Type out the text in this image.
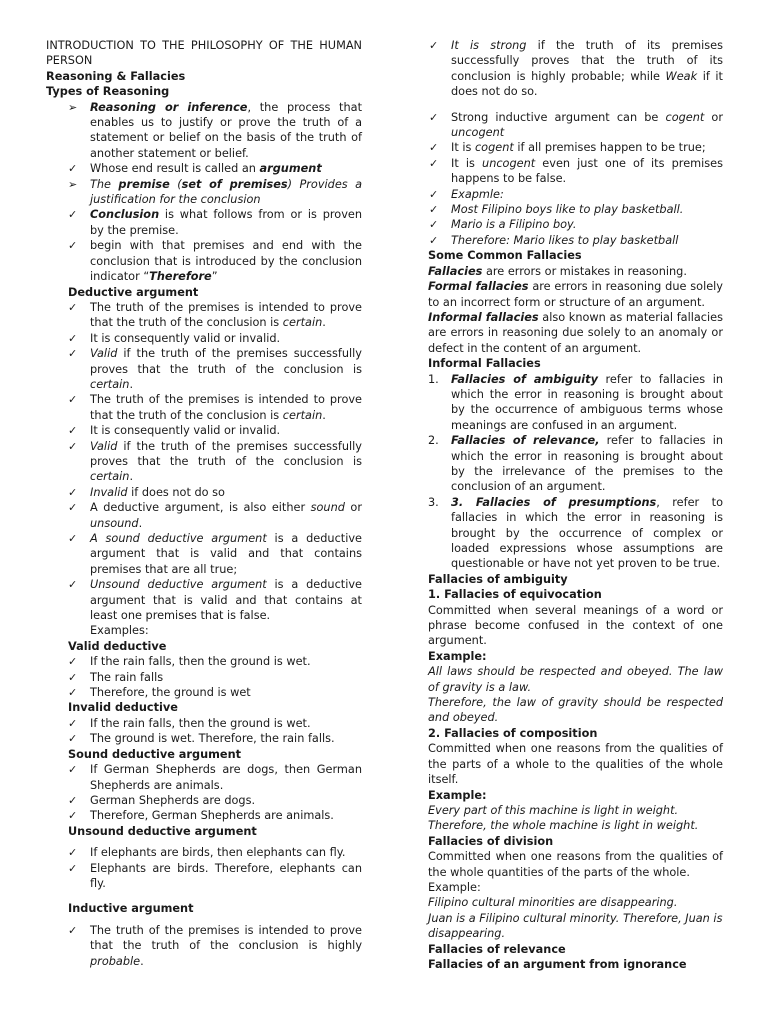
INTRODUCTION TO THE PHILOSOPHY OF THE HUMAN PERSON

Reasoning & Fallacies

Types of Reasoning

➢	Reasoning or inference, the process that enables us to justify or prove the truth of a statement or belief on the basis of the truth of another statement or belief.
✓	Whose end result is called an argument
➢	The premise (set of premises) Provides a justification for the conclusion
✓	Conclusion is what follows from or is proven by the premise.
✓	begin with that premises and end with the conclusion that is introduced by the conclusion indicator “Therefore”

Deductive argument

✓	The truth of the premises is intended to prove that the truth of the conclusion is certain.
✓	It is consequently valid or invalid.
✓	Valid if the truth of the premises successfully proves that the truth of the conclusion is certain.
✓	The truth of the premises is intended to prove that the truth of the conclusion is certain.
✓	It is consequently valid or invalid.
✓	Valid if the truth of the premises successfully proves that the truth of the conclusion is certain.
✓	Invalid if does not do so
✓	A deductive argument, is also either sound or unsound.
✓	A sound deductive argument is a deductive argument that is valid and that contains premises that are all true;
✓	Unsound deductive argument is a deductive argument that is valid and that contains at least one premises that is false.

Examples:

Valid deductive

✓	If the rain falls, then the ground is wet.
✓	The rain falls
✓	Therefore, the ground is wet

Invalid deductive

✓	If the rain falls, then the ground is wet.
✓	The ground is wet. Therefore, the rain falls.

Sound deductive argument

✓	If German Shepherds are dogs, then German Shepherds are animals.
✓	German Shepherds are dogs.
✓	Therefore, German Shepherds are animals.

Unsound deductive argument

✓	If elephants are birds, then elephants can fly.
✓	Elephants are birds. Therefore, elephants can fly.

Inductive argument

✓	The truth of the premises is intended to prove that the truth of the conclusion is highly probable.
✓	It is strong if the truth of its premises successfully proves that the truth of its conclusion is highly probable; while Weak if it does not do so.
✓	Strong inductive argument can be cogent or uncogent
✓	It is cogent if all premises happen to be true;
✓	It is uncogent even just one of its premises happens to be false.
✓	Exapmle:
✓	Most Filipino boys like to play basketball.
✓	Mario is a Filipino boy.
✓	Therefore: Mario likes to play basketball

Some Common Fallacies

Fallacies are errors or mistakes in reasoning.

Formal fallacies are errors in reasoning due solely to an incorrect form or structure of an argument.

Informal fallacies also known as material fallacies are errors in reasoning due solely to an anomaly or defect in the content of an argument.

Informal Fallacies

1.	Fallacies of ambiguity refer to fallacies in which the error in reasoning is brought about by the occurrence of ambiguous terms whose meanings are confused in an argument.
2.	Fallacies of relevance, refer to fallacies in which the error in reasoning is brought about by the irrelevance of the premises to the conclusion of an argument.
3.	3. Fallacies of presumptions, refer to fallacies in which the error in reasoning is brought by the occurrence of complex or loaded expressions whose assumptions are questionable or have not yet proven to be true.

Fallacies of ambiguity

1. Fallacies of equivocation

Committed when several meanings of a word or phrase become confused in the context of one argument.

Example:

All laws should be respected and obeyed. The law of gravity is a law.

Therefore, the law of gravity should be respected and obeyed.

2. Fallacies of composition

Committed when one reasons from the qualities of the parts of a whole to the qualities of the whole itself.

Example:

Every part of this machine is light in weight.

Therefore, the whole machine is light in weight.

Fallacies of division

Committed when one reasons from the qualities of the whole quantities of the parts of the whole.

Example:

Filipino cultural minorities are disappearing.

Juan is a Filipino cultural minority. Therefore, Juan is disappearing.

Fallacies of relevance

Fallacies of an argument from ignorance
